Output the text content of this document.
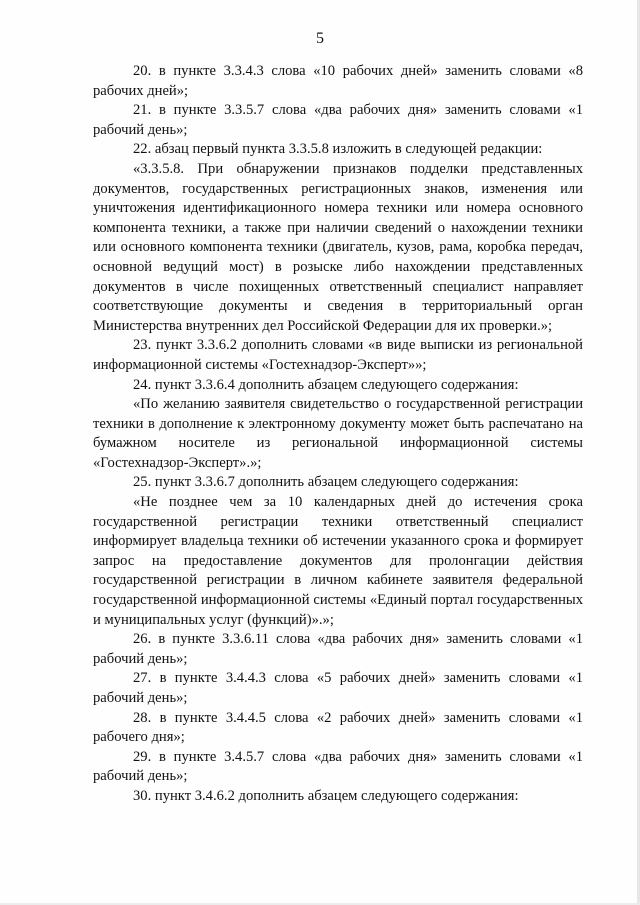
5

20. в пункте 3.3.4.3 слова «10 рабочих дней» заменить словами «8 рабочих дней»;

21. в пункте 3.3.5.7 слова «два рабочих дня» заменить словами «1 рабочий день»;

22. абзац первый пункта 3.3.5.8 изложить в следующей редакции:

«3.3.5.8. При обнаружении признаков подделки представленных документов, государственных регистрационных знаков, изменения или уничтожения идентификационного номера техники или номера основного компонента техники, а также при наличии сведений о нахождении техники или основного компонента техники (двигатель, кузов, рама, коробка передач, основной ведущий мост) в розыске либо нахождении представленных документов в числе похищенных ответственный специалист направляет соответствующие документы и сведения в территориальный орган Министерства внутренних дел Российской Федерации для их проверки.»;

23. пункт 3.3.6.2 дополнить словами «в виде выписки из региональной информационной системы «Гостехнадзор-Эксперт»»;

24. пункт 3.3.6.4 дополнить абзацем следующего содержания:

«По желанию заявителя свидетельство о государственной регистрации техники в дополнение к электронному документу может быть распечатано на бумажном носителе из региональной информационной системы «Гостехнадзор-Эксперт».»;

25. пункт 3.3.6.7 дополнить абзацем следующего содержания:

«Не позднее чем за 10 календарных дней до истечения срока государственной регистрации техники ответственный специалист информирует владельца техники об истечении указанного срока и формирует запрос на предоставление документов для пролонгации действия государственной регистрации в личном кабинете заявителя федеральной государственной информационной системы «Единый портал государственных и муниципальных услуг (функций)».»;

26. в пункте 3.3.6.11 слова «два рабочих дня» заменить словами «1 рабочий день»;

27. в пункте 3.4.4.3 слова «5 рабочих дней» заменить словами «1 рабочий день»;

28. в пункте 3.4.4.5 слова «2 рабочих дней» заменить словами «1 рабочего дня»;

29. в пункте 3.4.5.7 слова «два рабочих дня» заменить словами «1 рабочий день»;

30. пункт 3.4.6.2 дополнить абзацем следующего содержания:
